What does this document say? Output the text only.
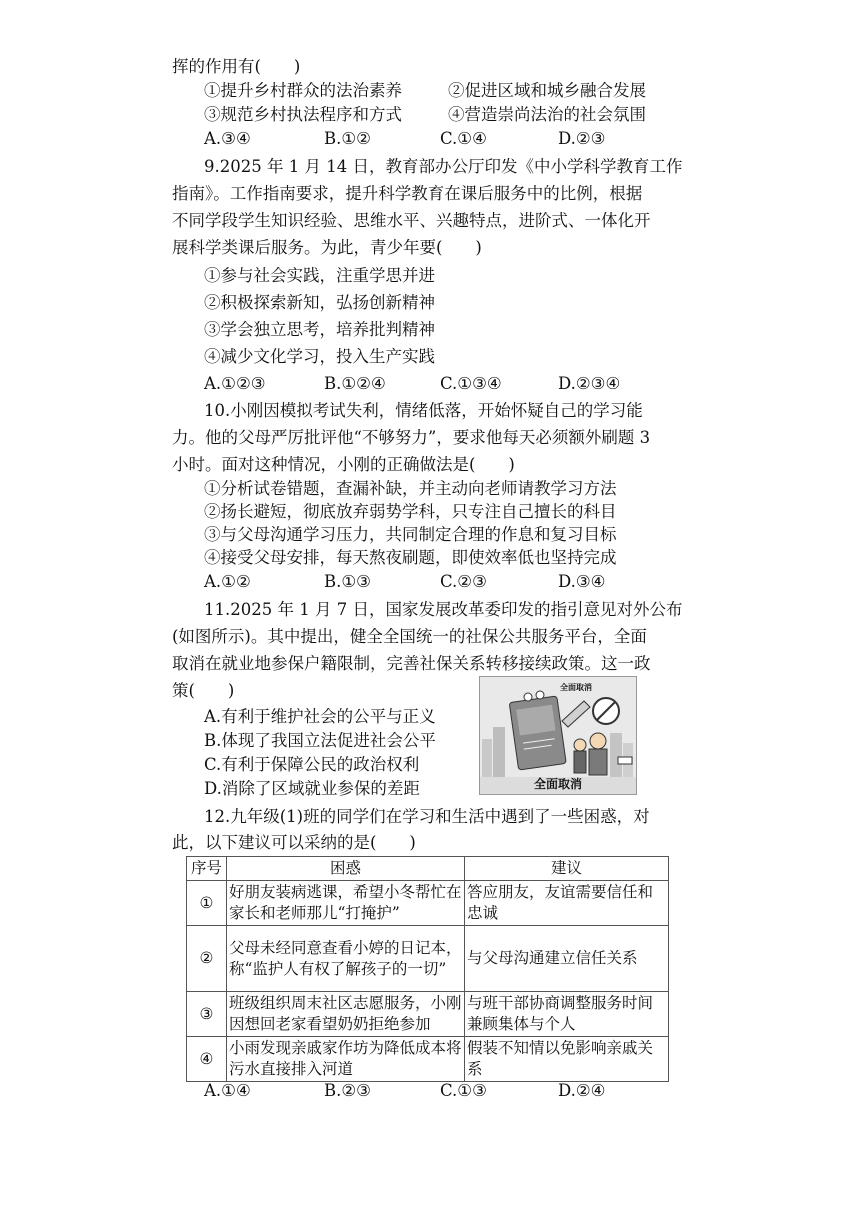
挥的作用有(　　)
①提升乡村群众的法治素养	②促进区域和城乡融合发展
③规范乡村执法程序和方式	④营造崇尚法治的社会氛围
A.③④	B.①②	C.①④	D.②③
9.2025 年 1 月 14 日，教育部办公厅印发《中小学科学教育工作
指南》。工作指南要求，提升科学教育在课后服务中的比例，根据
不同学段学生知识经验、思维水平、兴趣特点，进阶式、一体化开
展科学类课后服务。为此，青少年要(　　)
①参与社会实践，注重学思并进
②积极探索新知，弘扬创新精神
③学会独立思考，培养批判精神
④减少文化学习，投入生产实践
A.①②③	B.①②④	C.①③④	D.②③④
10.小刚因模拟考试失利，情绪低落，开始怀疑自己的学习能
力。他的父母严厉批评他“不够努力”，要求他每天必须额外刷题 3
小时。面对这种情况，小刚的正确做法是(　　)
①分析试卷错题，查漏补缺，并主动向老师请教学习方法
②扬长避短，彻底放弃弱势学科，只专注自己擅长的科目
③与父母沟通学习压力，共同制定合理的作息和复习目标
④接受父母安排，每天熬夜刷题，即使效率低也坚持完成
A.①②	B.①③	C.②③	D.③④
11.2025 年 1 月 7 日，国家发展改革委印发的指引意见对外公布
(如图所示)。其中提出，健全全国统一的社保公共服务平台，全面
取消在就业地参保户籍限制，完善社保关系转移接续政策。这一政
策(　　)
A.有利于维护社会的公平与正义
B.体现了我国立法促进社会公平
C.有利于保障公民的政治权利
D.消除了区域就业参保的差距
全面取消
全面取消
12.九年级(1)班的同学们在学习和生活中遇到了一些困惑，对
此，以下建议可以采纳的是(　　)
序号	困惑	建议
①	好朋友装病逃课，希望小冬帮忙在家长和老师那儿“打掩护”	答应朋友，友谊需要信任和忠诚
②	父母未经同意查看小婷的日记本，称“监护人有权了解孩子的一切”	与父母沟通建立信任关系
③	班级组织周末社区志愿服务，小刚因想回老家看望奶奶拒绝参加	与班干部协商调整服务时间兼顾集体与个人
④	小雨发现亲戚家作坊为降低成本将污水直接排入河道	假装不知情以免影响亲戚关系
A.①④	B.②③	C.①③	D.②④
